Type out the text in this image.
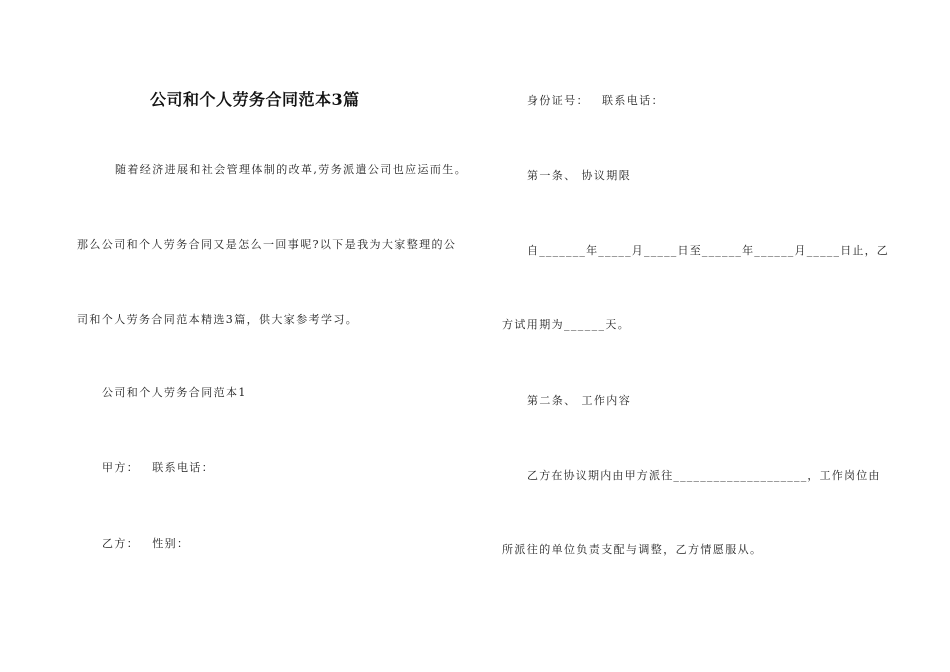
公司和个人劳务合同范本3篇
随着经济进展和社会管理体制的改革,劳务派遣公司也应运而生。
那么公司和个人劳务合同又是怎么一回事呢?以下是我为大家整理的公
司和个人劳务合同范本精选3篇，供大家参考学习。
公司和个人劳务合同范本1
甲方： 联系电话：
乙方： 性别：
身份证号： 联系电话：
第一条、 协议期限
自_______年_____月_____日至______年______月_____日止，乙
方试用期为______天。
第二条、 工作内容
乙方在协议期内由甲方派往____________________，工作岗位由
所派往的单位负责支配与调整，乙方情愿服从。
